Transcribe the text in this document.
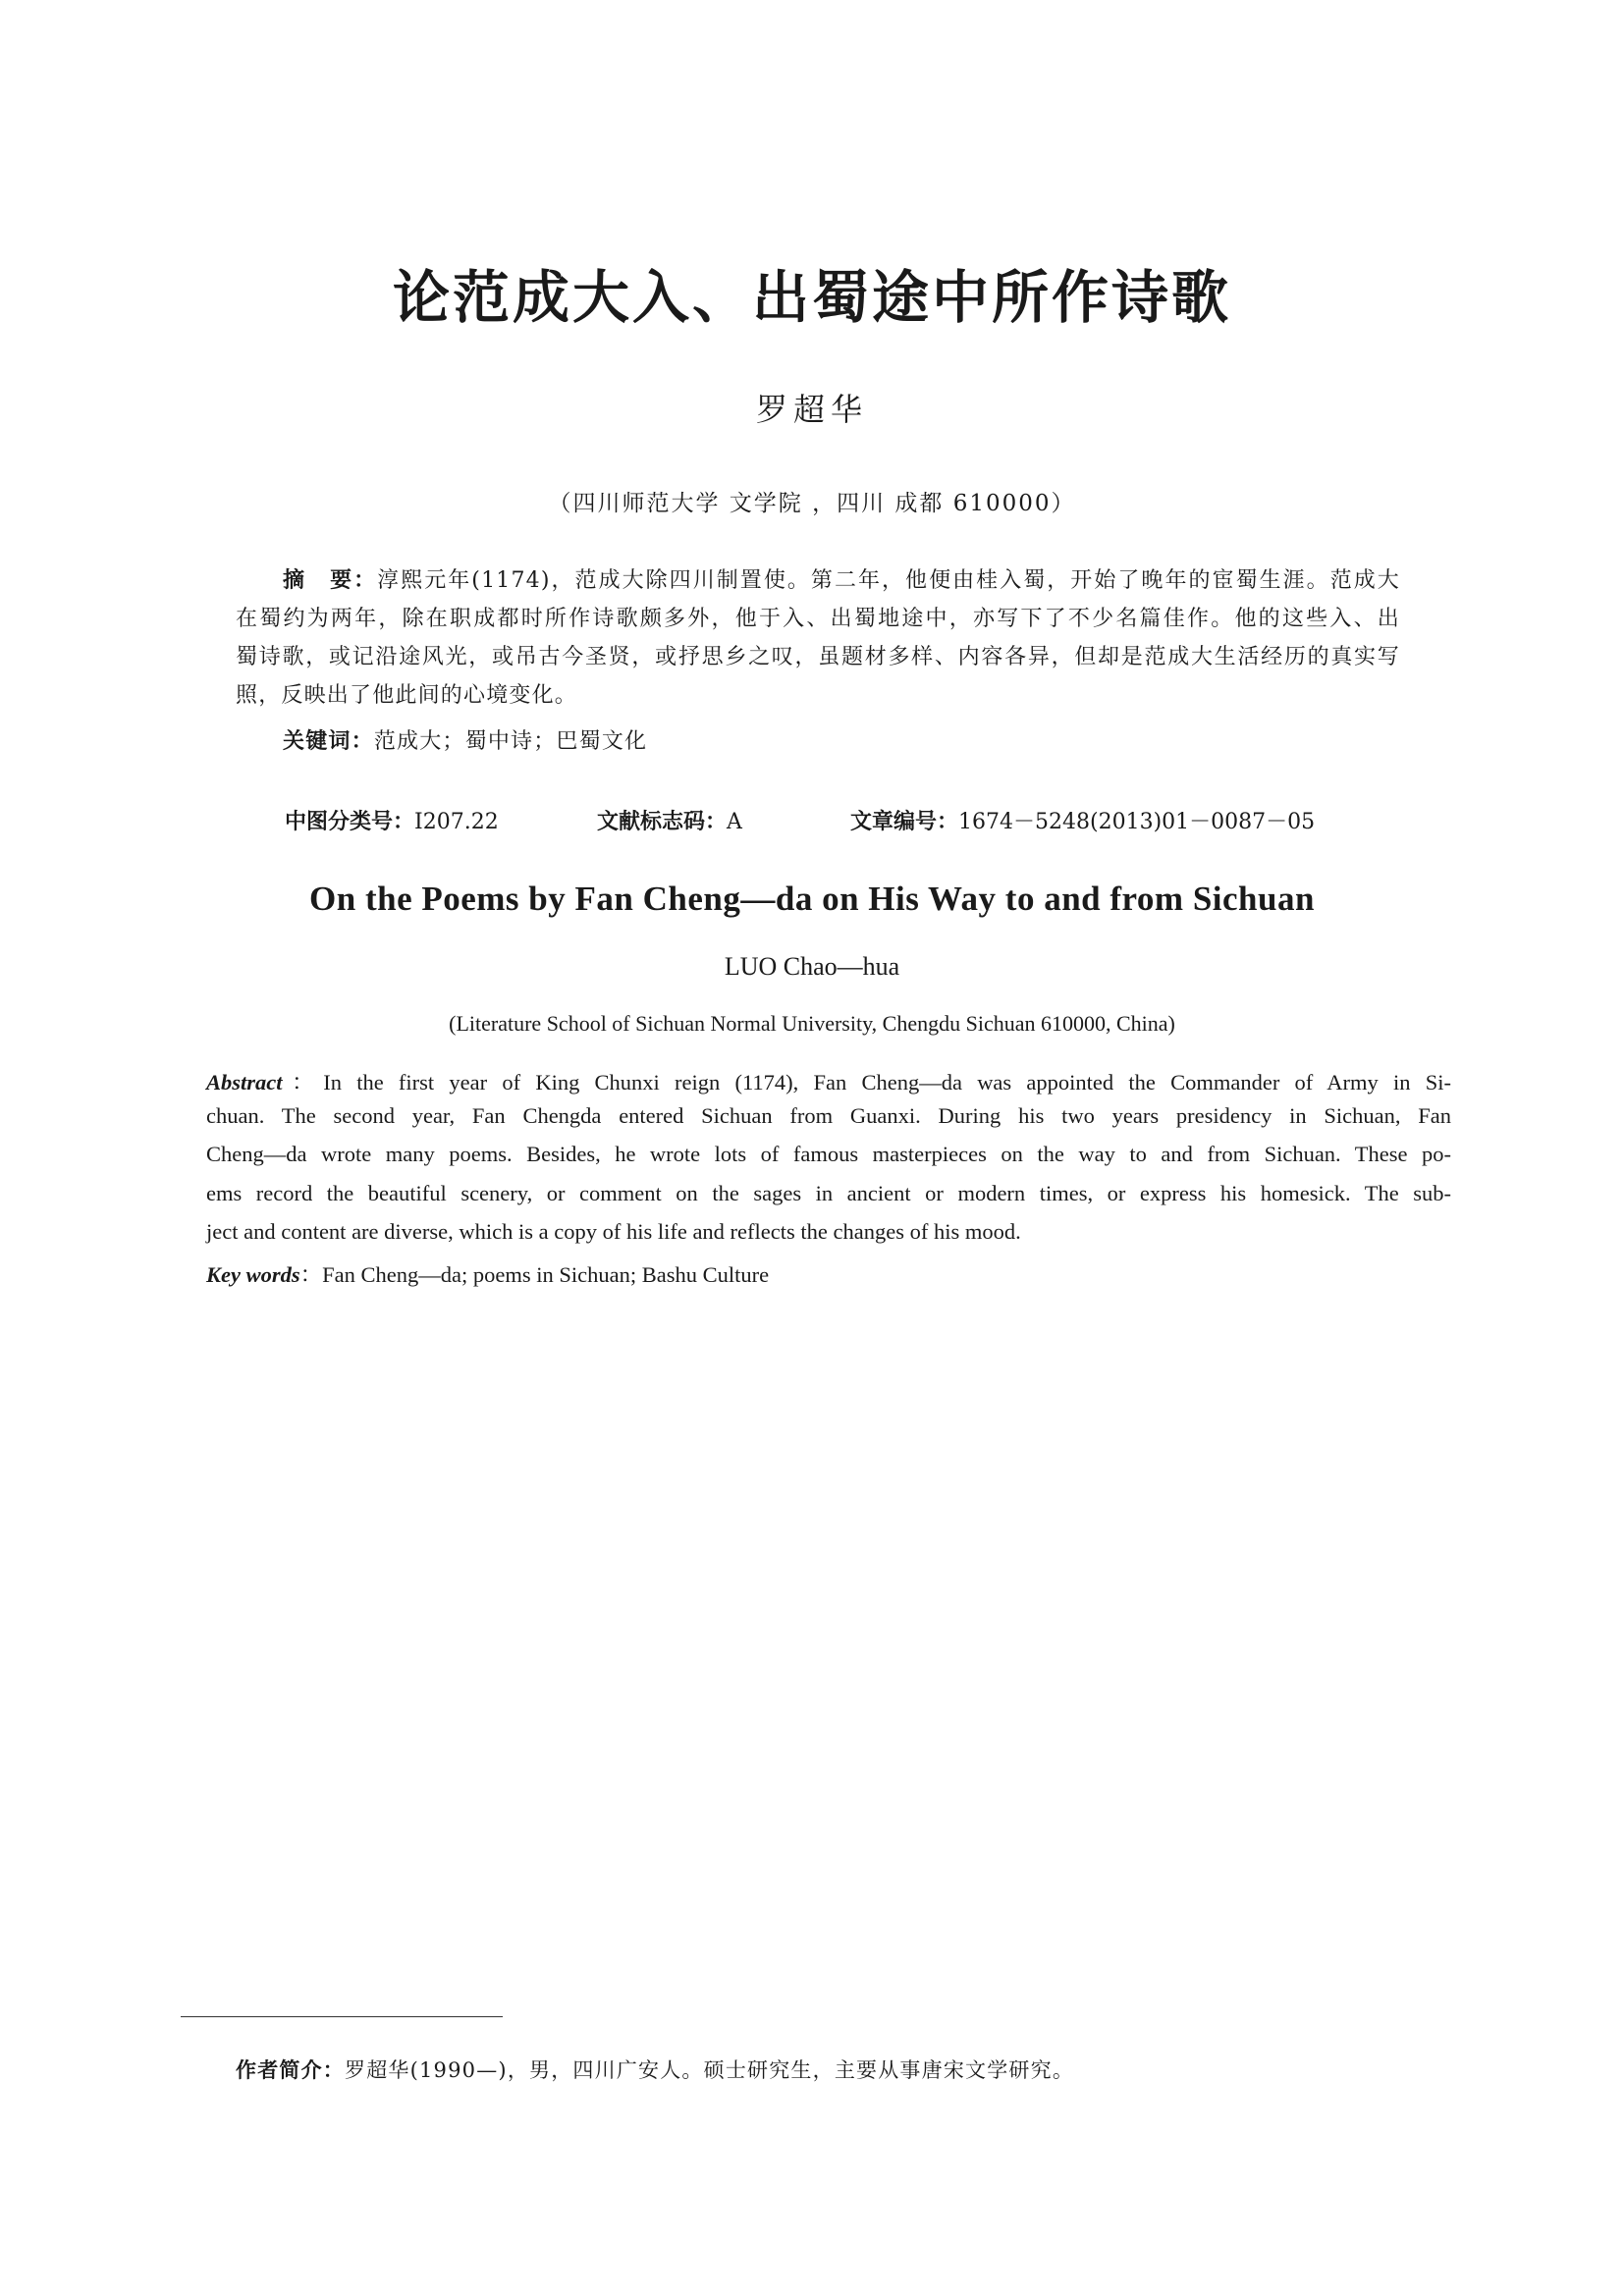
论范成大入、出蜀途中所作诗歌
罗超华
（四川师范大学 文学院 ，四川 成都 610000）
摘　要：淳熙元年(1174)，范成大除四川制置使。第二年，他便由桂入蜀，开始了晚年的宦蜀生涯。范成大
在蜀约为两年，除在职成都时所作诗歌颇多外，他于入、出蜀地途中，亦写下了不少名篇佳作。他的这些入、出
蜀诗歌，或记沿途风光，或吊古今圣贤，或抒思乡之叹，虽题材多样、内容各异，但却是范成大生活经历的真实写
照，反映出了他此间的心境变化。
关键词：范成大；蜀中诗；巴蜀文化
中图分类号：I207.22	文献标志码：A	文章编号：1674－5248(2013)01－0087－05
On the Poems by Fan Cheng—da on His Way to and from Sichuan
LUO Chao—hua
(Literature School of Sichuan Normal University, Chengdu Sichuan 610000, China)
Abstract：In the first year of King Chunxi reign (1174), Fan Cheng—da was appointed the Commander of Army in Si-
chuan. The second year, Fan Chengda entered Sichuan from Guanxi. During his two years presidency in Sichuan, Fan
Cheng—da wrote many poems. Besides, he wrote lots of famous masterpieces on the way to and from Sichuan. These po-
ems record the beautiful scenery, or comment on the sages in ancient or modern times, or express his homesick. The sub-
ject and content are diverse, which is a copy of his life and reflects the changes of his mood.
Key words：Fan Cheng—da; poems in Sichuan; Bashu Culture
作者简介：罗超华(1990—)，男，四川广安人。硕士研究生，主要从事唐宋文学研究。
